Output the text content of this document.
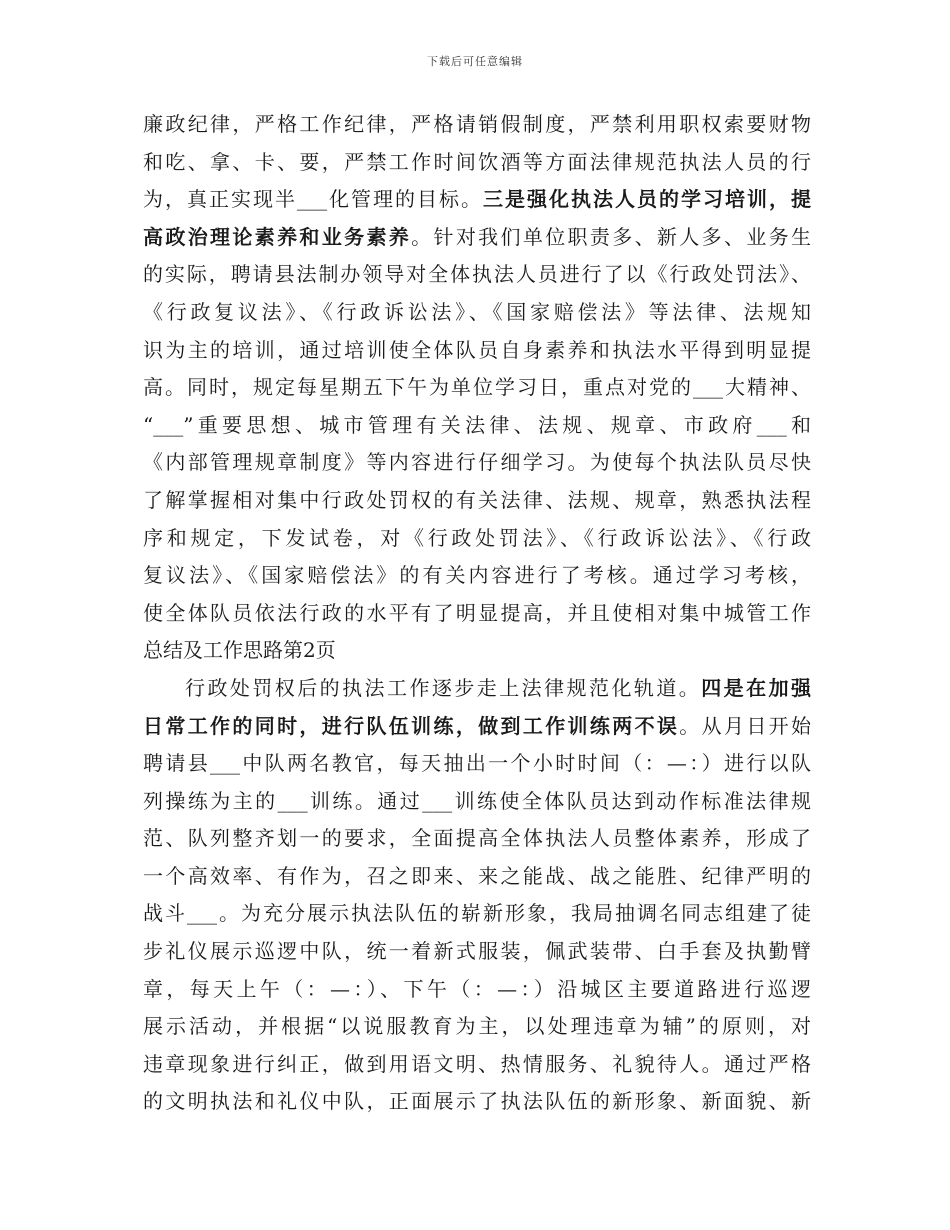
下载后可任意编辑
廉政纪律，严格工作纪律，严格请销假制度，严禁利用职权索要财物
和吃、拿、卡、要，严禁工作时间饮酒等方面法律规范执法人员的行
为，真正实现半___化管理的目标。三是强化执法人员的学习培训，提
高政治理论素养和业务素养。针对我们单位职责多、新人多、业务生
的实际，聘请县法制办领导对全体执法人员进行了以《行政处罚法》、
《行政复议法》、《行政诉讼法》、《国家赔偿法》等法律、法规知
识为主的培训，通过培训使全体队员自身素养和执法水平得到明显提
高。同时，规定每星期五下午为单位学习日，重点对党的___大精神、
“___”重要思想、城市管理有关法律、法规、规章、市政府___和
《内部管理规章制度》等内容进行仔细学习。为使每个执法队员尽快
了解掌握相对集中行政处罚权的有关法律、法规、规章，熟悉执法程
序和规定，下发试卷，对《行政处罚法》、《行政诉讼法》、《行政
复议法》、《国家赔偿法》的有关内容进行了考核。通过学习考核，
使全体队员依法行政的水平有了明显提高，并且使相对集中城管工作
总结及工作思路第2页
行政处罚权后的执法工作逐步走上法律规范化轨道。四是在加强
日常工作的同时，进行队伍训练，做到工作训练两不误。从月日开始
聘请县___中队两名教官，每天抽出一个小时时间（：—：）进行以队
列操练为主的___训练。通过___训练使全体队员达到动作标准法律规
范、队列整齐划一的要求，全面提高全体执法人员整体素养，形成了
一个高效率、有作为，召之即来、来之能战、战之能胜、纪律严明的
战斗___。为充分展示执法队伍的崭新形象，我局抽调名同志组建了徒
步礼仪展示巡逻中队，统一着新式服装，佩武装带、白手套及执勤臂
章，每天上午（：—：）、下午（：—：）沿城区主要道路进行巡逻
展示活动，并根据“以说服教育为主，以处理违章为辅”的原则，对
违章现象进行纠正，做到用语文明、热情服务、礼貌待人。通过严格
的文明执法和礼仪中队，正面展示了执法队伍的新形象、新面貌、新
